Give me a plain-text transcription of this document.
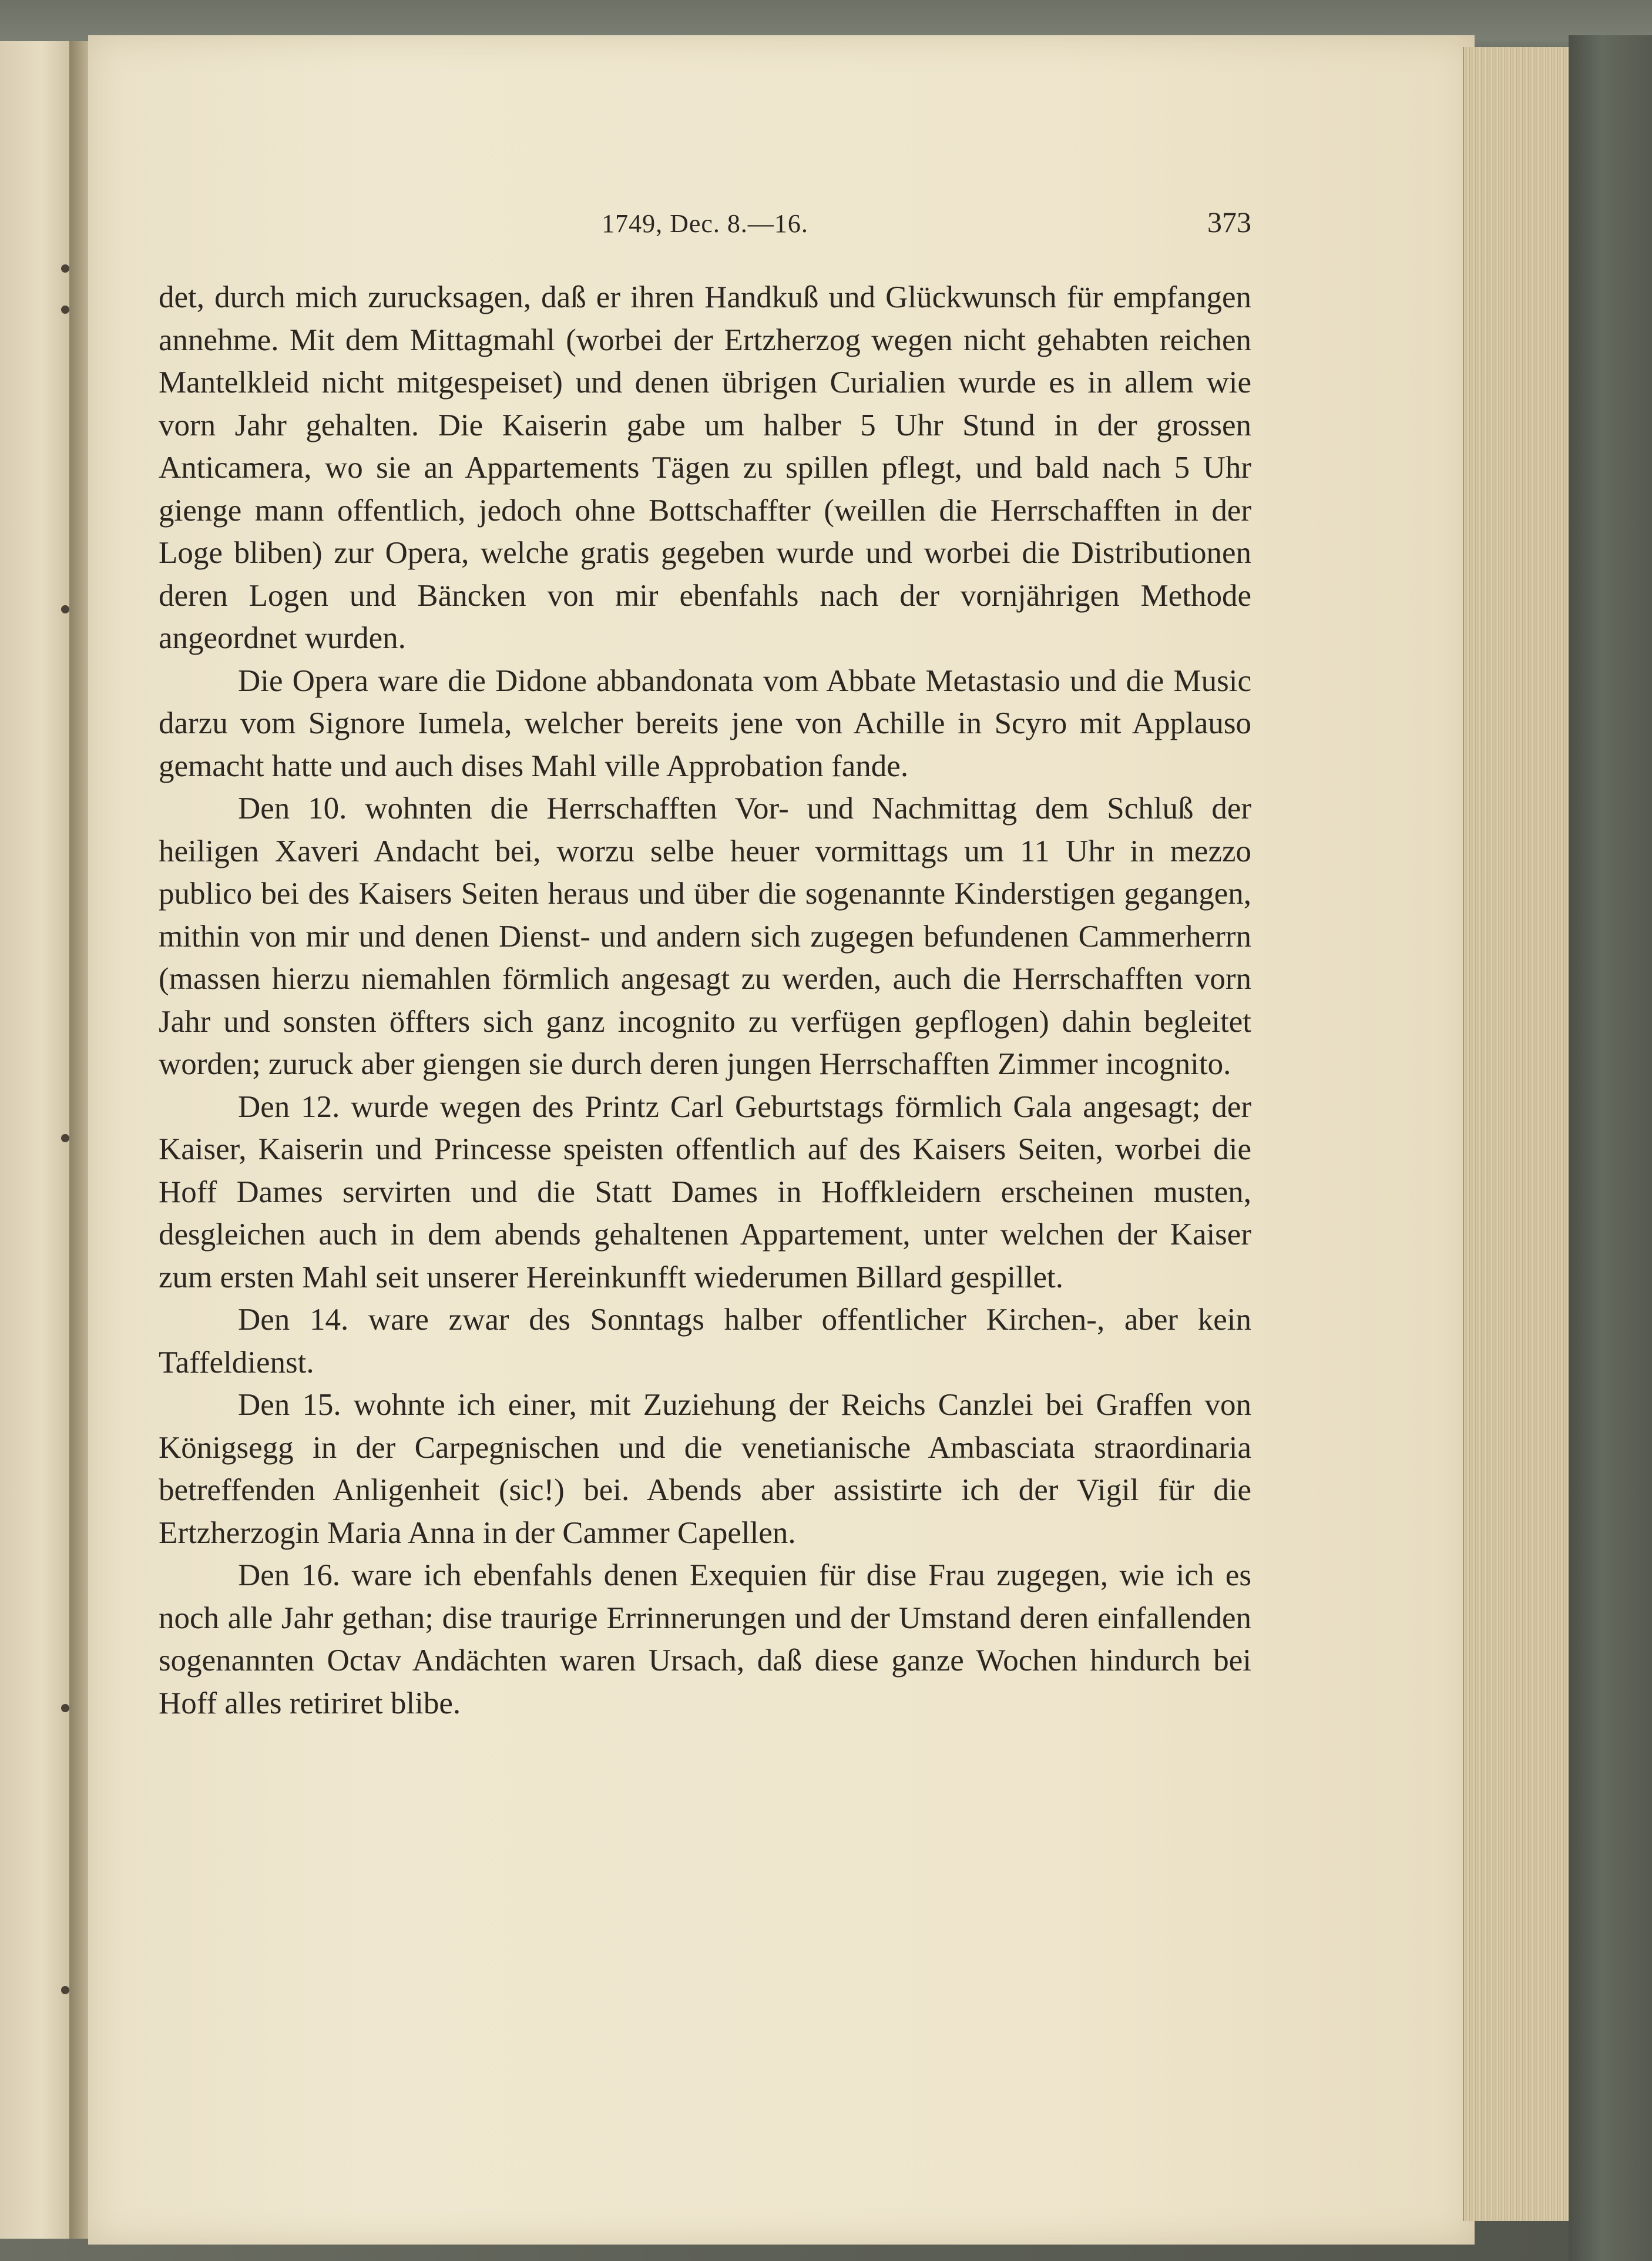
1749, Dec. 8.—16.	373

det, durch mich zurucksagen, daß er ihren Handkuß und Glückwunsch für empfangen annehme. Mit dem Mittagmahl (worbei der Ertzherzog wegen nicht gehabten reichen Mantelkleid nicht mitgespeiset) und denen übrigen Curialien wurde es in allem wie vorn Jahr gehalten. Die Kaiserin gabe um halber 5 Uhr Stund in der grossen Anticamera, wo sie an Appartements Tägen zu spillen pflegt, und bald nach 5 Uhr gienge mann offentlich, jedoch ohne Bottschaffter (weillen die Herrschafften in der Loge bliben) zur Opera, welche gratis gegeben wurde und worbei die Distributionen deren Logen und Bäncken von mir ebenfahls nach der vornjährigen Methode angeordnet wurden.

Die Opera ware die Didone abbandonata vom Abbate Metastasio und die Music darzu vom Signore Iumela, welcher bereits jene von Achille in Scyro mit Applauso gemacht hatte und auch dises Mahl ville Approbation fande.

Den 10. wohnten die Herrschafften Vor- und Nachmittag dem Schluß der heiligen Xaveri Andacht bei, worzu selbe heuer vormittags um 11 Uhr in mezzo publico bei des Kaisers Seiten heraus und über die sogenannte Kinderstigen gegangen, mithin von mir und denen Dienst- und andern sich zugegen befundenen Cammerherrn (massen hierzu niemahlen förmlich angesagt zu werden, auch die Herrschafften vorn Jahr und sonsten öffters sich ganz incognito zu verfügen gepflogen) dahin begleitet worden; zuruck aber giengen sie durch deren jungen Herrschafften Zimmer incognito.

Den 12. wurde wegen des Printz Carl Geburtstags förmlich Gala angesagt; der Kaiser, Kaiserin und Princesse speisten offentlich auf des Kaisers Seiten, worbei die Hoff Dames servirten und die Statt Dames in Hoffkleidern erscheinen musten, desgleichen auch in dem abends gehaltenen Appartement, unter welchen der Kaiser zum ersten Mahl seit unserer Hereinkunfft wiederumen Billard gespillet.

Den 14. ware zwar des Sonntags halber offentlicher Kirchen-, aber kein Taffeldienst.

Den 15. wohnte ich einer, mit Zuziehung der Reichs Canzlei bei Graffen von Königsegg in der Carpegnischen und die venetianische Ambasciata straordinaria betreffenden Anligenheit (sic!) bei. Abends aber assistirte ich der Vigil für die Ertzherzogin Maria Anna in der Cammer Capellen.

Den 16. ware ich ebenfahls denen Exequien für dise Frau zugegen, wie ich es noch alle Jahr gethan; dise traurige Errinnerungen und der Umstand deren einfallenden sogenannten Octav Andächten waren Ursach, daß diese ganze Wochen hindurch bei Hoff alles retiriret blibe.
